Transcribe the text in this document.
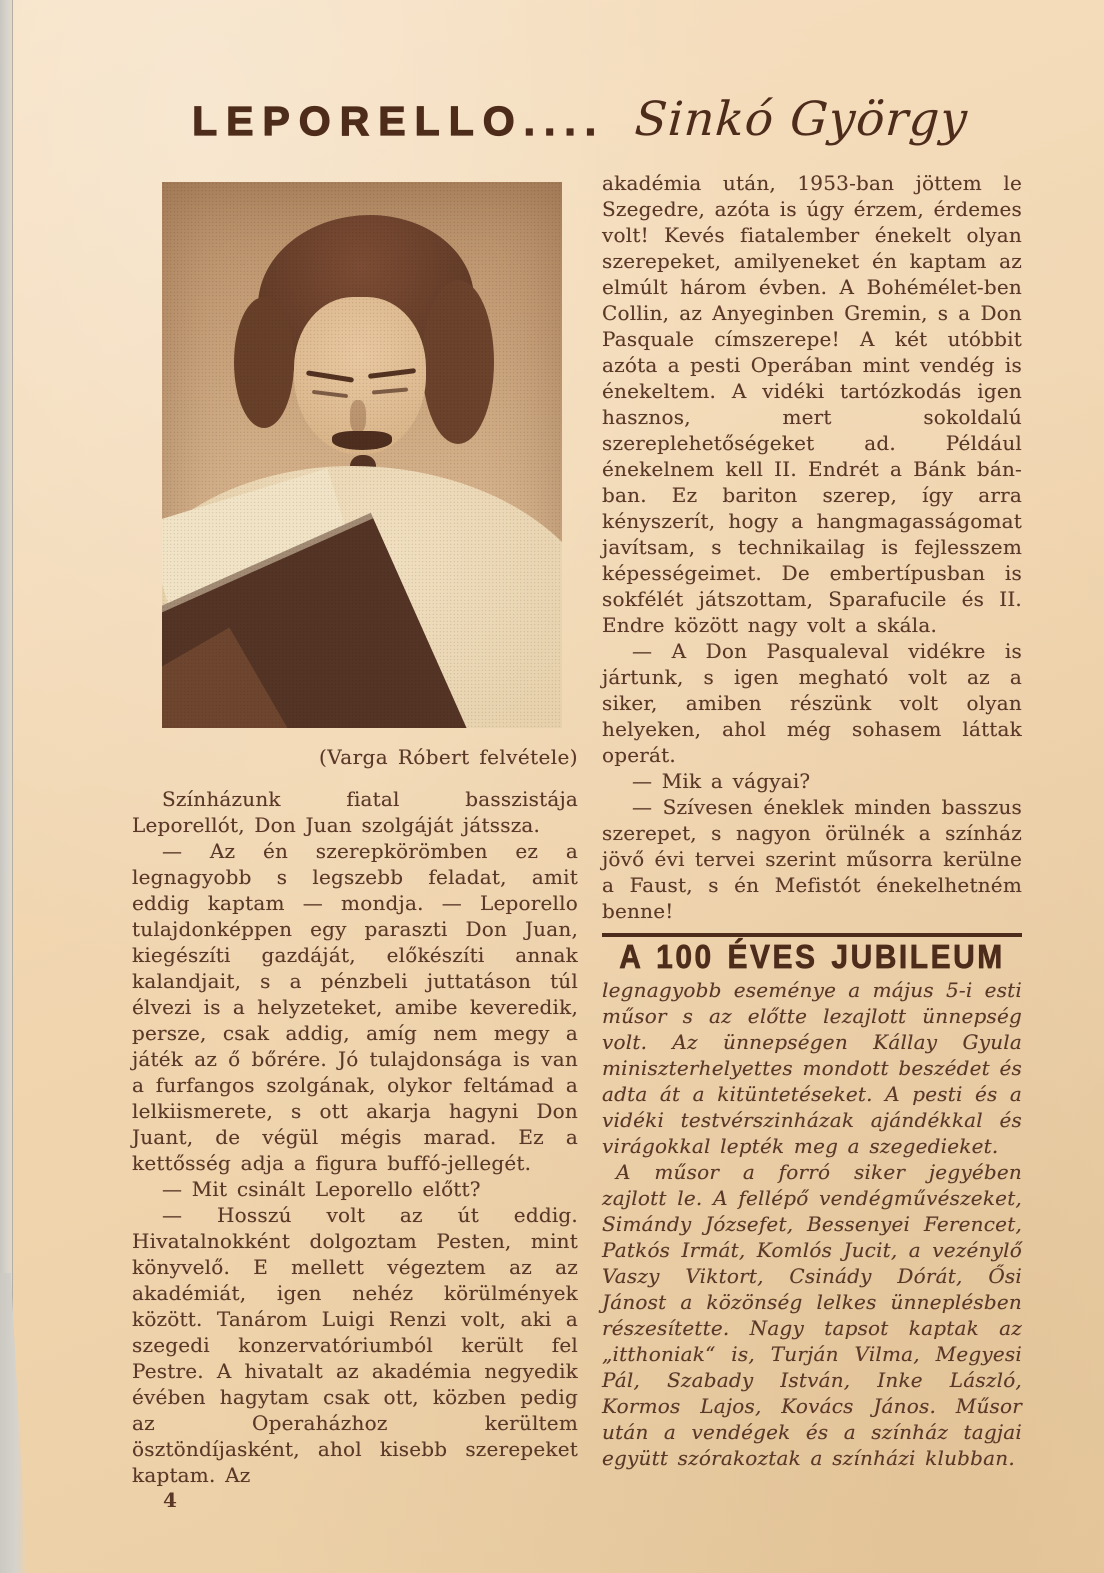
LEPORELLO.... Sinkó György
(Varga Róbert felvétele)

Színházunk fiatal basszistája Leporellót, Don Juan szolgáját játssza.

— Az én szerepkörömben ez a legnagyobb s legszebb feladat, amit eddig kaptam — mondja. — Leporello tulajdonképpen egy paraszti Don Juan, kiegészíti gazdáját, előkészíti annak kalandjait, s a pénzbeli juttatáson túl élvezi is a helyzeteket, amibe keveredik, persze, csak addig, amíg nem megy a játék az ő bőrére. Jó tulajdonsága is van a furfangos szolgának, olykor feltámad a lelkiismerete, s ott akarja hagyni Don Juant, de végül mégis marad. Ez a kettősség adja a figura buffó-jellegét.

— Mit csinált Leporello előtt?

— Hosszú volt az út eddig. Hivatalnokként dolgoztam Pesten, mint könyvelő. E mellett végeztem az az akadémiát, igen nehéz körülmények között. Tanárom Luigi Renzi volt, aki a szegedi konzervatóriumból került fel Pestre. A hivatalt az akadémia negyedik évében hagytam csak ott, közben pedig az Operaházhoz kerültem ösztöndíjasként, ahol kisebb szerepeket kaptam. Az

akadémia után, 1953-ban jöttem le Szegedre, azóta is úgy érzem, érdemes volt! Kevés fiatalember énekelt olyan szerepeket, amilyeneket én kaptam az elmúlt három évben. A Bohémélet-ben Collin, az Anyeginben Gremin, s a Don Pasquale címszerepe! A két utóbbit azóta a pesti Operában mint vendég is énekeltem. A vidéki tartózkodás igen hasznos, mert sokoldalú szereplehetőségeket ad. Például énekelnem kell II. Endrét a Bánk bán-ban. Ez bariton szerep, így arra kényszerít, hogy a hangmagasságomat javítsam, s technikailag is fejlesszem képességeimet. De embertípusban is sokfélét játszottam, Sparafucile és II. Endre között nagy volt a skála.

— A Don Pasqualeval vidékre is jártunk, s igen megható volt az a siker, amiben részünk volt olyan helyeken, ahol még sohasem láttak operát.

— Mik a vágyai?

— Szívesen éneklek minden basszus szerepet, s nagyon örülnék a színház jövő évi tervei szerint műsorra kerülne a Faust, s én Mefistót énekelhetném benne!

A 100 ÉVES JUBILEUM

legnagyobb eseménye a május 5-i esti műsor s az előtte lezajlott ünnepség volt. Az ünnepségen Kállay Gyula miniszterhelyettes mondott beszédet és adta át a kitüntetéseket. A pesti és a vidéki testvérszinházak ajándékkal és virágokkal lepték meg a szegedieket.

A műsor a forró siker jegyében zajlott le. A fellépő vendégművészeket, Simándy Józsefet, Bessenyei Ferencet, Patkós Irmát, Komlós Jucit, a vezénylő Vaszy Viktort, Csinády Dórát, Ősi Jánost a közönség lelkes ünneplésben részesítette. Nagy tapsot kaptak az „itthoniak“ is, Turján Vilma, Megyesi Pál, Szabady István, Inke László, Kormos Lajos, Kovács János. Műsor után a vendégek és a színház tagjai együtt szórakoztak a színházi klubban.

4
